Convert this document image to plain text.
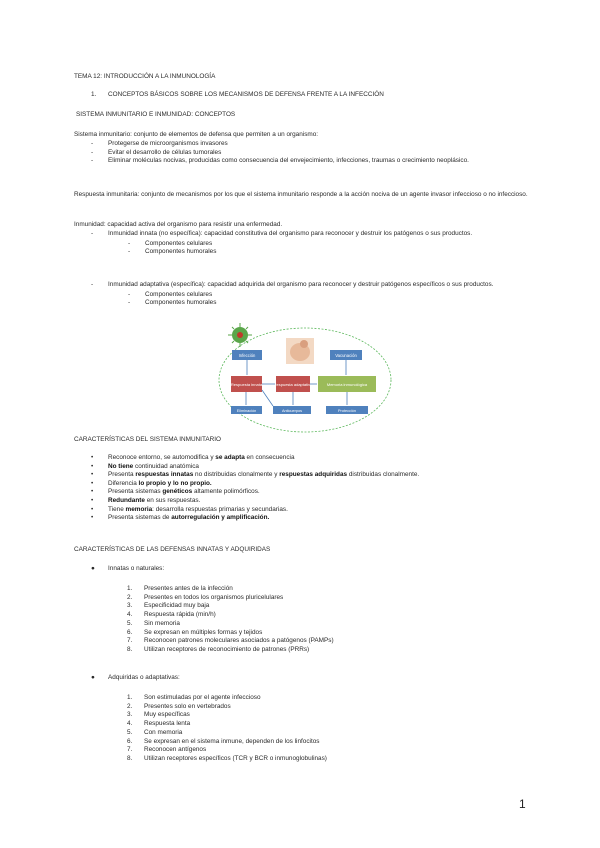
TEMA 12: INTRODUCCIÓN A LA INMUNOLOGÍA
1. CONCEPTOS BÁSICOS SOBRE LOS MECANISMOS DE DEFENSA FRENTE A LA INFECCIÓN
SISTEMA INMUNITARIO E INMUNIDAD: CONCEPTOS
Sistema inmunitario: conjunto de elementos de defensa que permiten a un organismo:
- Protegerse de microorganismos invasores
- Evitar el desarrollo de células tumorales
- Eliminar moléculas nocivas, producidas como consecuencia del envejecimiento, infecciones, traumas o crecimiento neoplásico.
Respuesta inmunitaria: conjunto de mecanismos por los que el sistema inmunitario responde a la acción nociva de un agente invasor infeccioso o no infeccioso.
Inmunidad: capacidad activa del organismo para resistir una enfermedad.
- Inmunidad innata (no específica): capacidad constitutiva del organismo para reconocer y destruir los patógenos o sus productos.
- Componentes celulares
- Componentes humorales
- Inmunidad adaptativa (específica): capacidad adquirida del organismo para reconocer y destruir patógenos específicos o sus productos.
- Componentes celulares
- Componentes humorales
Infección	Vacunación
Respuesta innata	Respuesta adaptativa	Memoria inmunológica
Eliminación	Anticuerpos	Protección
CARACTERÍSTICAS DEL SISTEMA INMUNITARIO
• Reconoce entorno, se automodifica y se adapta en consecuencia
• No tiene continuidad anatómica
• Presenta respuestas innatas no distribuidas clonalmente y respuestas adquiridas distribuidas clonalmente.
• Diferencia lo propio y lo no propio.
• Presenta sistemas genéticos altamente polimórficos.
• Redundante en sus respuestas.
• Tiene memoria: desarrolla respuestas primarias y secundarias.
• Presenta sistemas de autorregulación y amplificación.
CARACTERÍSTICAS DE LAS DEFENSAS INNATAS Y ADQUIRIDAS
● Innatas o naturales:
1. Presentes antes de la infección
2. Presentes en todos los organismos pluricelulares
3. Especificidad muy baja
4. Respuesta rápida (min/h)
5. Sin memoria
6. Se expresan en múltiples formas y tejidos
7. Reconocen patrones moleculares asociados a patógenos (PAMPs)
8. Utilizan receptores de reconocimiento de patrones (PRRs)
● Adquiridas o adaptativas:
1. Son estimuladas por el agente infeccioso
2. Presentes solo en vertebrados
3. Muy específicas
4. Respuesta lenta
5. Con memoria
6. Se expresan en el sistema inmune, dependen de los linfocitos
7. Reconocen antígenos
8. Utilizan receptores específicos (TCR y BCR o inmunoglobulinas)
1
